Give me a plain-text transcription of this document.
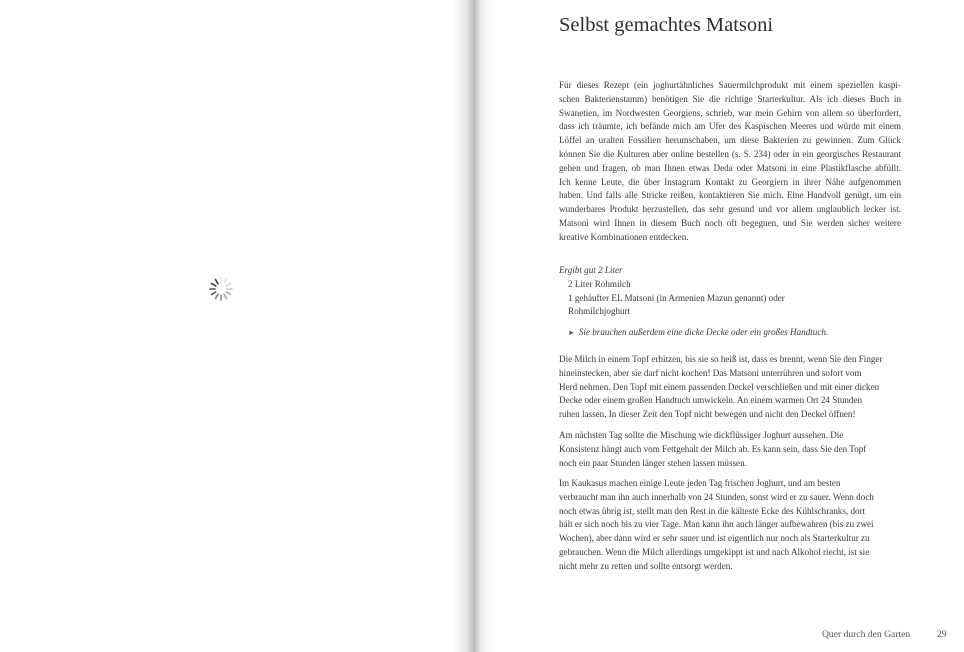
Selbst gemachtes Matsoni
Für dieses Rezept (ein joghurtähnliches Sauermilchprodukt mit einem speziellen kaspi-
schen Bakterienstamm) benötigen Sie die richtige Starterkultur. Als ich dieses Buch in
Swanetien, im Nordwesten Georgiens, schrieb, war mein Gehirn von allem so überfordert,
dass ich träumte, ich befände mich am Ufer des Kaspischen Meeres und würde mit einem
Löffel an uralten Fossilien herumschaben, um diese Bakterien zu gewinnen. Zum Glück
können Sie die Kulturen aber online bestellen (s. S. 234) oder in ein georgisches Restaurant
gehen und fragen, ob man Ihnen etwas Deda oder Matsoni in eine Plastikflasche abfüllt.
Ich kenne Leute, die über Instagram Kontakt zu Georgiern in ihrer Nähe aufgenommen
haben. Und falls alle Stricke reißen, kontaktieren Sie mich. Eine Handvoll genügt, um ein
wunderbares Produkt herzustellen, das sehr gesund und vor allem unglaublich lecker ist.
Matsoni wird Ihnen in diesem Buch noch oft begegnen, und Sie werden sicher weitere
kreative Kombinationen entdecken.
Ergibt gut 2 Liter
2 Liter Rohmilch
1 gehäufter EL Matsoni (in Armenien Mazun genannt) oder
Rohmilchjoghurt
➤ Sie brauchen außerdem eine dicke Decke oder ein großes Handtuch.
Die Milch in einem Topf erhitzen, bis sie so heiß ist, dass es brennt, wenn Sie den Finger
hineinstecken, aber sie darf nicht kochen! Das Matsoni unterrühren und sofort vom
Herd nehmen. Den Topf mit einem passenden Deckel verschließen und mit einer dicken
Decke oder einem großen Handtuch umwickeln. An einem warmen Ort 24 Stunden
ruhen lassen. In dieser Zeit den Topf nicht bewegen und nicht den Deckel öffnen!
Am nächsten Tag sollte die Mischung wie dickflüssiger Joghurt aussehen. Die
Konsistenz hängt auch vom Fettgehalt der Milch ab. Es kann sein, dass Sie den Topf
noch ein paar Stunden länger stehen lassen müssen.
Im Kaukasus machen einige Leute jeden Tag frischen Joghurt, und am besten
verbraucht man ihn auch innerhalb von 24 Stunden, sonst wird er zu sauer. Wenn doch
noch etwas übrig ist, stellt man den Rest in die kälteste Ecke des Kühlschranks, dort
hält er sich noch bis zu vier Tage. Man kann ihn auch länger aufbewahren (bis zu zwei
Wochen), aber dann wird er sehr sauer und ist eigentlich nur noch als Starterkultur zu
gebrauchen. Wenn die Milch allerdings umgekippt ist und nach Alkohol riecht, ist sie
nicht mehr zu retten und sollte entsorgt werden.
Quer durch den Garten	29
